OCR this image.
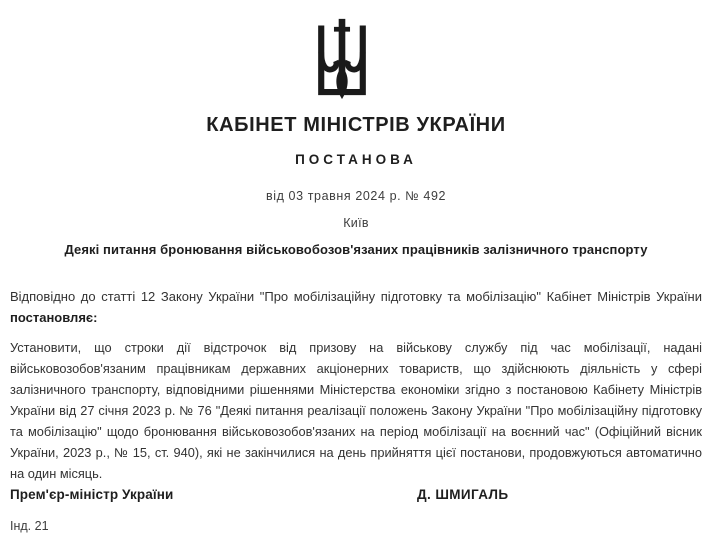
КАБІНЕТ МІНІСТРІВ УКРАЇНИ
ПОСТАНОВА
від 03 травня 2024 р. № 492
Київ
Деякі питання бронювання військовобозов'язаних працівників залізничного транспорту

Відповідно до статті 12 Закону України "Про мобілізаційну підготовку та мобілізацію" Кабінет Міністрів України постановляє:

Установити, що строки дії відстрочок від призову на військову службу під час мобілізації, надані військовозобов'язаним працівникам державних акціонерних товариств, що здійснюють діяльність у сфері залізничного транспорту, відповідними рішеннями Міністерства економіки згідно з постановою Кабінету Міністрів України від 27 січня 2023 р. № 76 "Деякі питання реалізації положень Закону України "Про мобілізаційну підготовку та мобілізацію" щодо бронювання військовозобов'язаних на період мобілізації на воєнний час" (Офіційний вісник України, 2023 р., № 15, ст. 940), які не закінчилися на день прийняття цієї постанови, продовжуються автоматично на один місяць.

Прем'єр-міністр України	Д. ШМИГАЛЬ
Інд. 21
